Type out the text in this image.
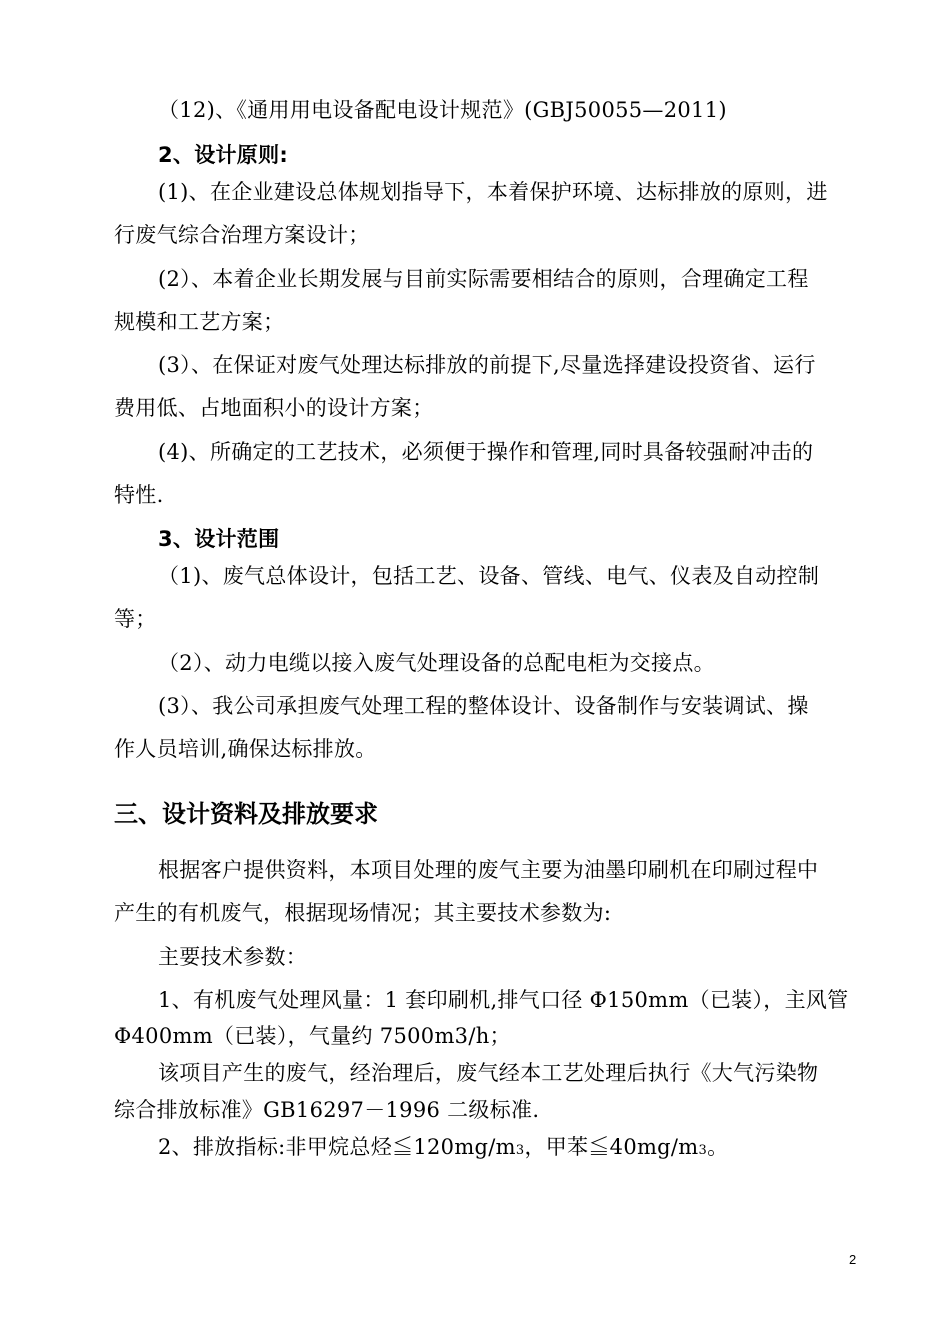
（12)、《通用用电设备配电设计规范》(GBJ50055—2011)
2、设计原则:
(1)、在企业建设总体规划指导下，本着保护环境、达标排放的原则，进
行废气综合治理方案设计；
(2）、本着企业长期发展与目前实际需要相结合的原则，合理确定工程
规模和工艺方案；
(3）、在保证对废气处理达标排放的前提下,尽量选择建设投资省、运行
费用低、占地面积小的设计方案；
(4)、所确定的工艺技术，必须便于操作和管理,同时具备较强耐冲击的
特性.
3、设计范围
（1)、废气总体设计，包括工艺、设备、管线、电气、仪表及自动控制
等；
（2）、动力电缆以接入废气处理设备的总配电柜为交接点。
(3）、我公司承担废气处理工程的整体设计、设备制作与安装调试、操
作人员培训,确保达标排放。
三、设计资料及排放要求
根据客户提供资料，本项目处理的废气主要为油墨印刷机在印刷过程中
产生的有机废气，根据现场情况；其主要技术参数为:
主要技术参数：
1、有机废气处理风量：1 套印刷机,排气口径 Φ150mm（已装），主风管
Φ400mm（已装），气量约 7500m3/h；
该项目产生的废气，经治理后，废气经本工艺处理后执行《大气污染物
综合排放标准》GB16297－1996 二级标准.
2、排放指标:非甲烷总烃≦120mg/m3，甲苯≦40mg/m3。
2
